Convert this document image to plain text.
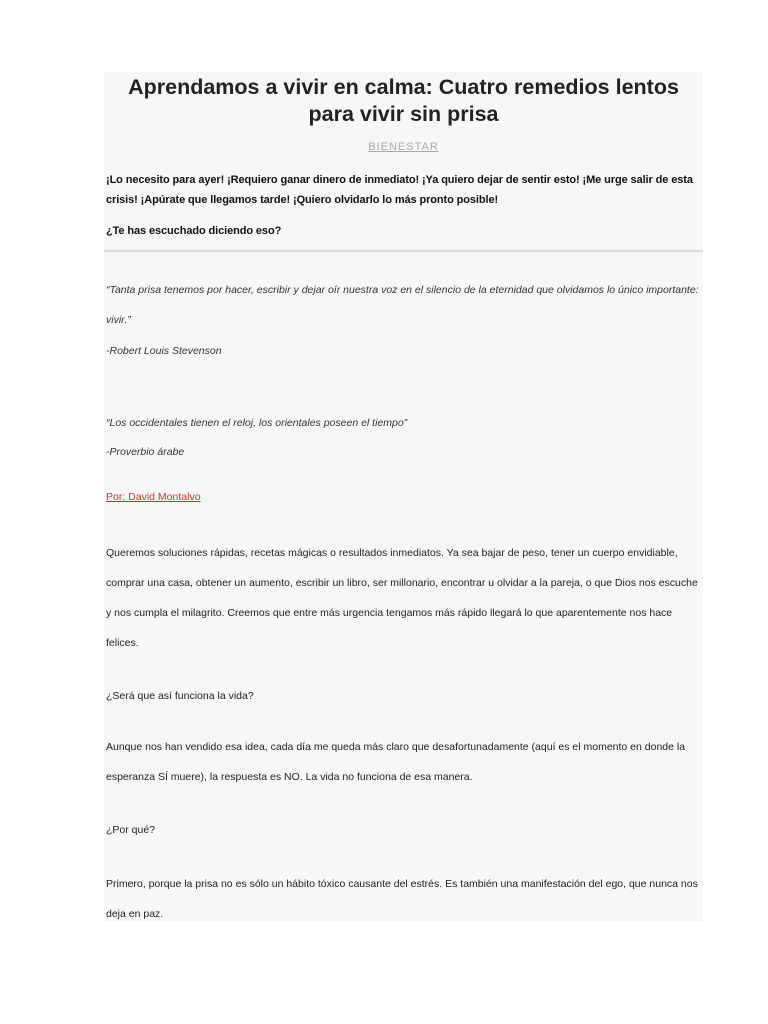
Aprendamos a vivir en calma: Cuatro remedios lentos para vivir sin prisa
BIENESTAR
¡Lo necesito para ayer! ¡Requiero ganar dinero de inmediato! ¡Ya quiero dejar de sentir esto! ¡Me urge salir de esta crisis! ¡Apúrate que llegamos tarde! ¡Quiero olvidarlo lo más pronto posible!
¿Te has escuchado diciendo eso?
“Tanta prisa tenemos por hacer, escribir y dejar oír nuestra voz en el silencio de la eternidad que olvidamos lo único importante: vivir.”
-Robert Louis Stevenson
“Los occidentales tienen el reloj, los orientales poseen el tiempo”
-Proverbio árabe
Por: David Montalvo
Queremos soluciones rápidas, recetas mágicas o resultados inmediatos. Ya sea bajar de peso, tener un cuerpo envidiable, comprar una casa, obtener un aumento, escribir un libro, ser millonario, encontrar u olvidar a la pareja, o que Dios nos escuche y nos cumpla el milagrito. Creemos que entre más urgencia tengamos más rápido llegará lo que aparentemente nos hace felices.
¿Será que así funciona la vida?
Aunque nos han vendido esa idea, cada día me queda más claro que desafortunadamente (aquí es el momento en donde la esperanza SÍ muere), la respuesta es NO. La vida no funciona de esa manera.
¿Por qué?
Primero, porque la prisa no es sólo un hábito tóxico causante del estrés. Es también una manifestación del ego, que nunca nos deja en paz.
